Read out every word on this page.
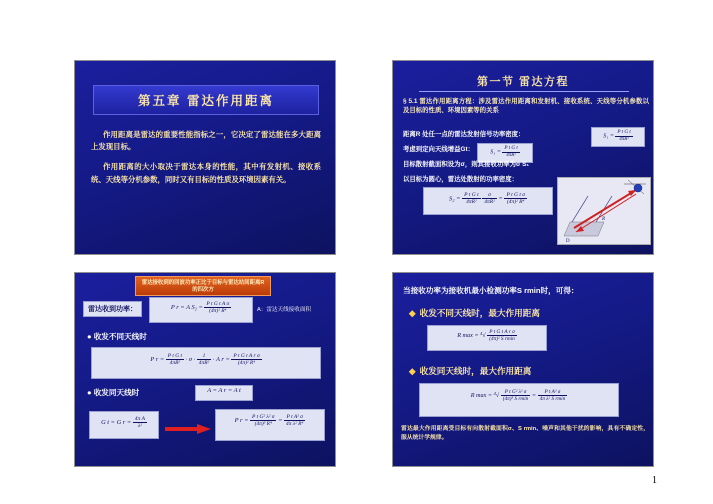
第五章 雷达作用距离

作用距离是雷达的重要性能指标之一，它决定了雷达能在多大距离上发现目标。

作用距离的大小取决于雷达本身的性能，其中有发射机、接收系统、天线等分机参数，同时又有目标的性质及环境因素有关。

第一节 雷达方程
§ 5.1 雷达作用距离方程：涉及雷达作用距离和发射机、接收系统、天线等分机参数以及目标的性质、环境因素等的关系
距离R 处任一点的雷达发射信号功率密度：	$S_1 = \frac{\text{P t G t}}{\text{4πR²}}$
考虑到定向天线增益Gt：	$S_1 = \frac{\text{P t G t}}{\text{4πR²}}$
目标散射截面积设为σ，则其接收功率为σ S₁
以目标为圆心，雷达处散射的功率密度：
$S_2 = \frac{\text{P t G t}}{\text{4πR²}}$
$\frac{\sigma}{\text{4πR²}} = \frac{\text{P t G t σ}}{\text{(4π)² R⁴}}$
R
D
雷达接收到的回波功率正比于目标与雷达站间距离R的四次方
雷达收到功率：	P r = A $S_2 = \frac{\text{P t G t A σ}}{\text{(4π)² R⁴}}$	A：雷达天线接收面积
● 收发不同天线时
P $r = \frac{\text{P t G t}}{\text{4πR²}} \cdot \sigma \cdot \frac{1}{\text{4πR²}} \cdot A$ $r = \frac{\text{P t G t A r σ}}{\text{(4π)² R⁴}}$
● 收发同天线时	A = A r = A t
G t = G $r = \frac{\text{4π A}}{\text{λ²}}$	P $r = \frac{\text{P t G² λ² σ}}{\text{(4π)³ R⁴}} = \frac{\text{P t A² σ}}{\text{4π λ² R⁴}}$
当接收功率为接收机最小检测功率S rmin时，可得：
◆ 收发不同天线时，最大作用距离
R $\max = ^4√ \frac{\text{P t G t A r σ}}{\text{(4π)² S rmin}}$
◆ 收发同天线时，最大作用距离
R $\max = ^4√ \frac{\text{P t G² λ² σ}}{\text{(4π)³ S rmin}} = \frac{\text{P t A² σ}}{\text{4π λ² S rmin}}$
雷达最大作用距离受目标有向散射截面积σ、S rmin、噪声和其他干扰的影响，具有不确定性，服从统计学规律。
1
